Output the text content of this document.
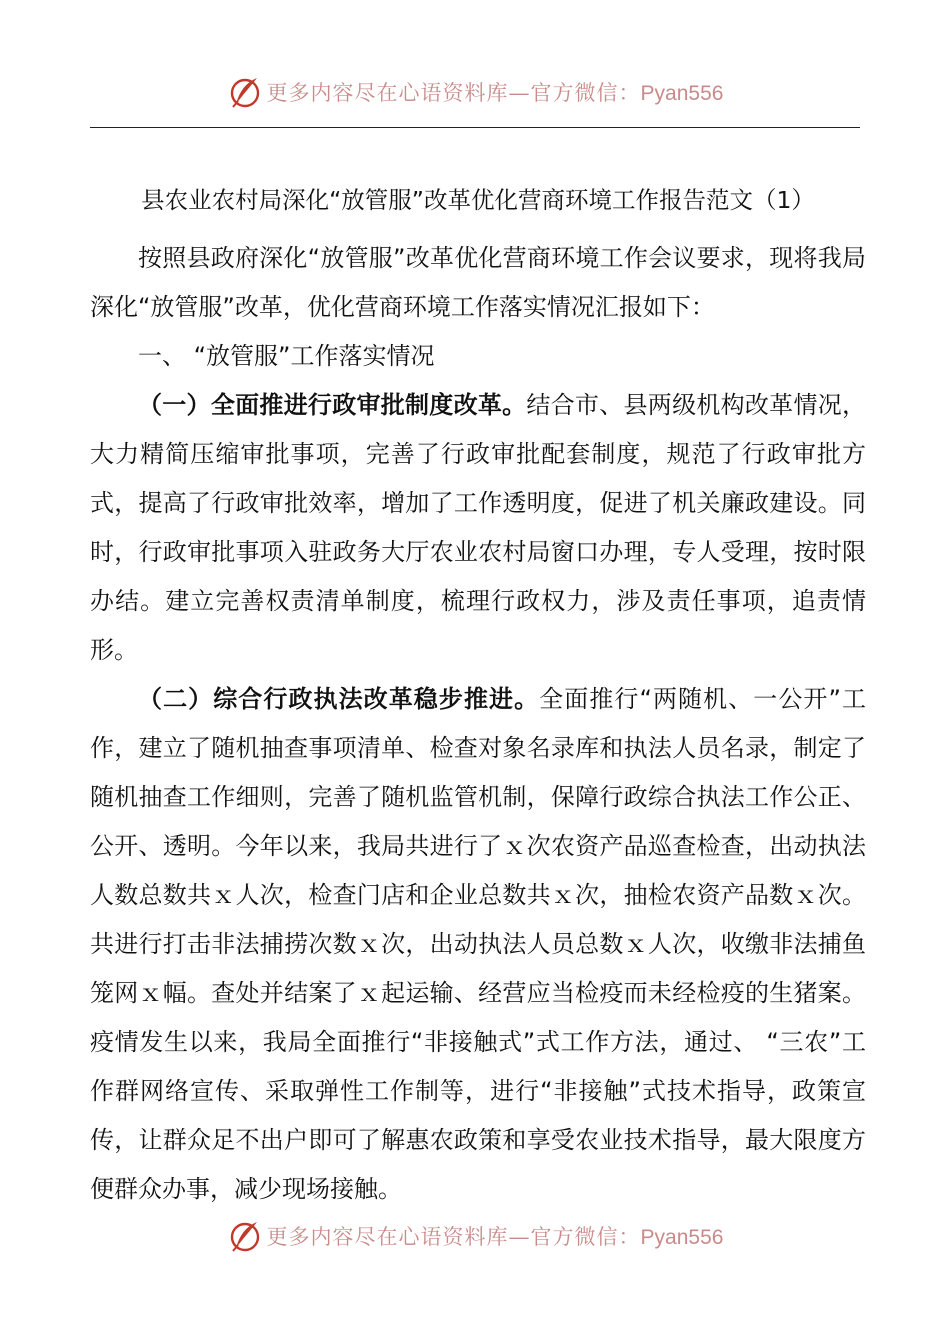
更多内容尽在心语资料库—官方微信：Pyan556

县农业农村局深化“放管服”改革优化营商环境工作报告范文（1）

按照县政府深化“放管服”改革优化营商环境工作会议要求，现将我局深化“放管服”改革，优化营商环境工作落实情况汇报如下：

一、 “放管服”工作落实情况

（一）全面推进行政审批制度改革。结合市、县两级机构改革情况，大力精简压缩审批事项，完善了行政审批配套制度，规范了行政审批方式，提高了行政审批效率，增加了工作透明度，促进了机关廉政建设。同时，行政审批事项入驻政务大厅农业农村局窗口办理，专人受理，按时限办结。建立完善权责清单制度，梳理行政权力，涉及责任事项，追责情形。

（二）综合行政执法改革稳步推进。全面推行“两随机、一公开”工作，建立了随机抽查事项清单、检查对象名录库和执法人员名录，制定了随机抽查工作细则，完善了随机监管机制，保障行政综合执法工作公正、公开、透明。今年以来，我局共进行了ｘ次农资产品巡查检查，出动执法人数总数共ｘ人次，检查门店和企业总数共ｘ次，抽检农资产品数ｘ次。共进行打击非法捕捞次数ｘ次，出动执法人员总数ｘ人次，收缴非法捕鱼笼网ｘ幅。查处并结案了ｘ起运输、经营应当检疫而未经检疫的生猪案。疫情发生以来，我局全面推行“非接触式”式工作方法，通过、 “三农”工作群网络宣传、采取弹性工作制等，进行“非接触”式技术指导，政策宣传，让群众足不出户即可了解惠农政策和享受农业技术指导，最大限度方便群众办事，减少现场接触。

更多内容尽在心语资料库—官方微信：Pyan556
